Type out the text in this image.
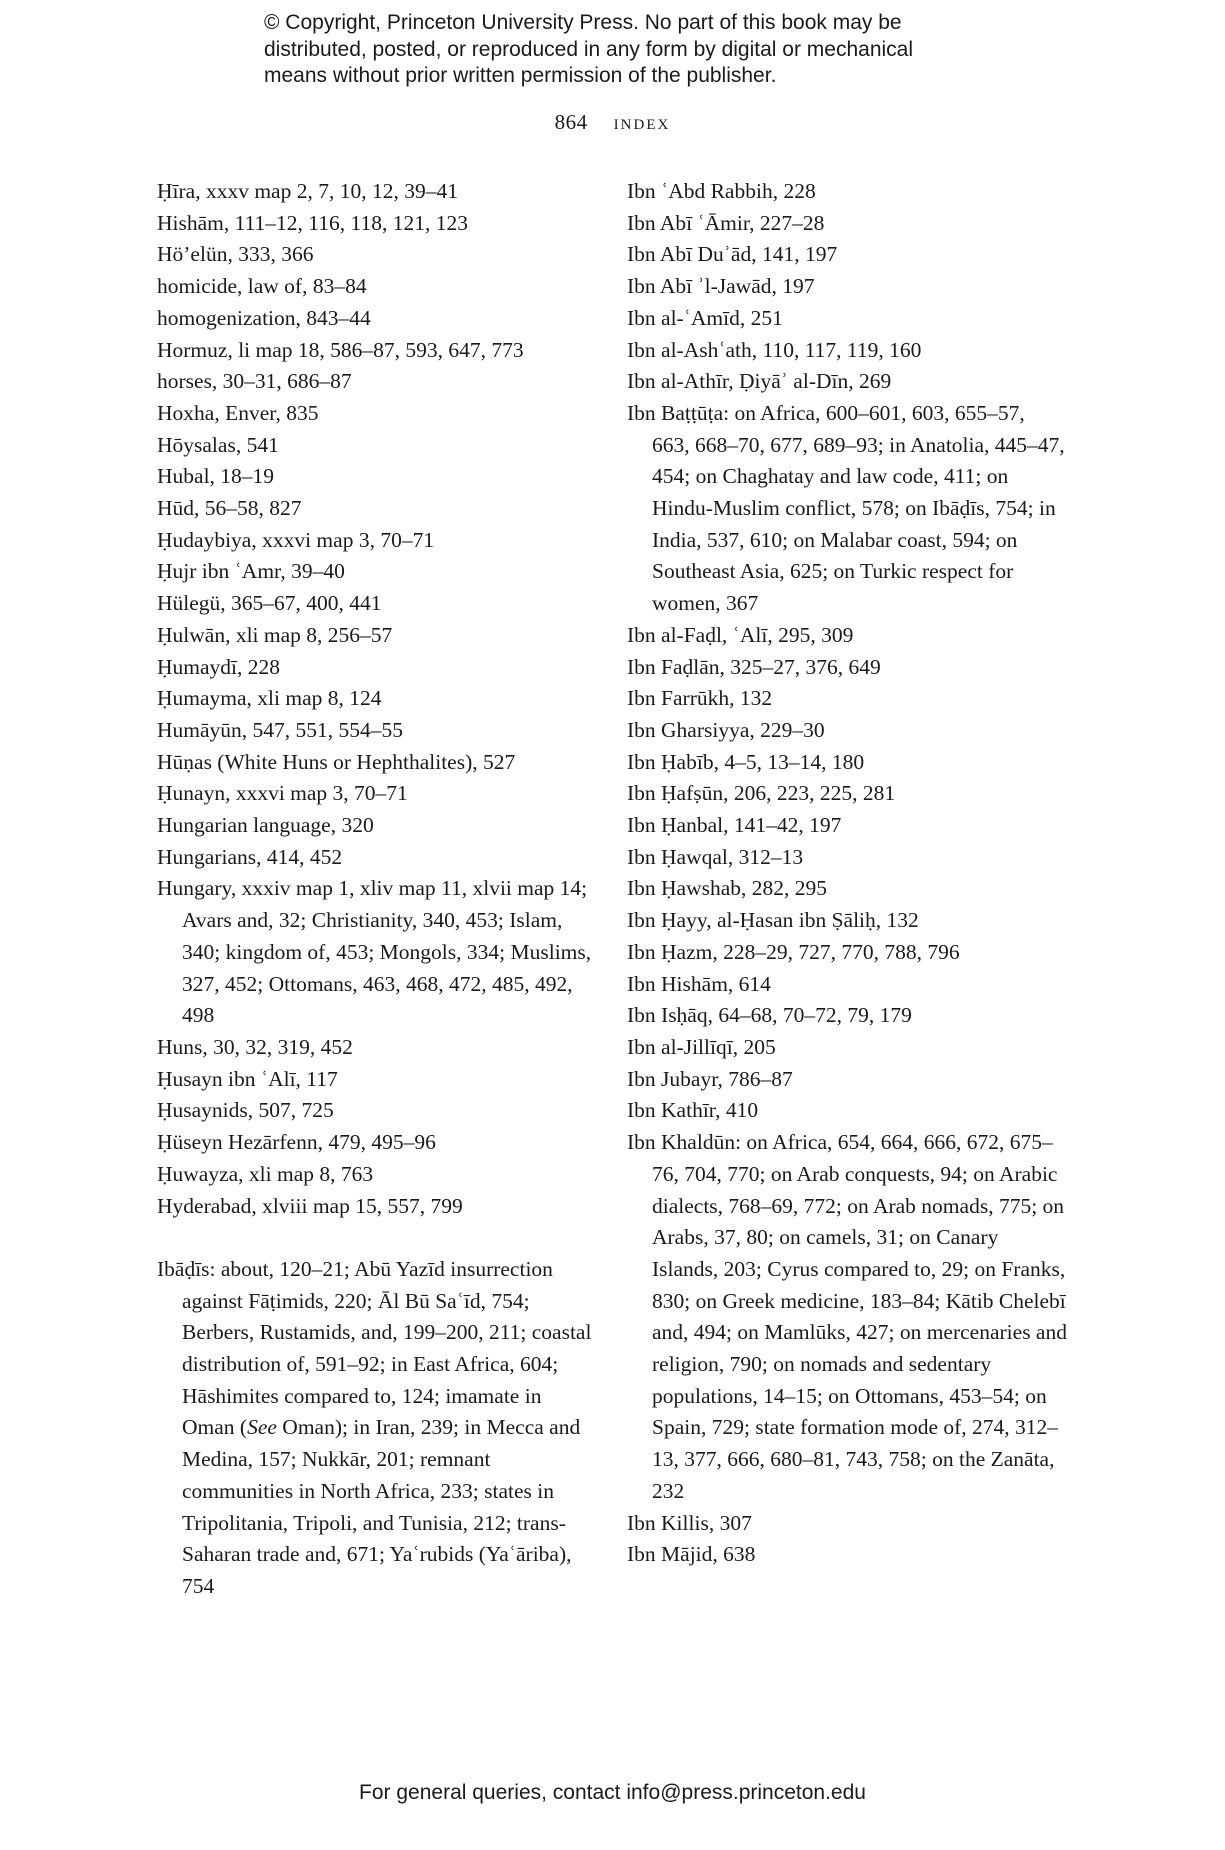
© Copyright, Princeton University Press. No part of this book may be
distributed, posted, or reproduced in any form by digital or mechanical
means without prior written permission of the publisher.
864 index
Ḥīra, xxxv map 2, 7, 10, 12, 39–41
Hishām, 111–12, 116, 118, 121, 123
Hö’elün, 333, 366
homicide, law of, 83–84
homogenization, 843–44
Hormuz, li map 18, 586–87, 593, 647, 773
horses, 30–31, 686–87
Hoxha, Enver, 835
Hōysalas, 541
Hubal, 18–19
Hūd, 56–58, 827
Ḥudaybiya, xxxvi map 3, 70–71
Ḥujr ibn ʿAmr, 39–40
Hülegü, 365–67, 400, 441
Ḥulwān, xli map 8, 256–57
Ḥumaydī, 228
Ḥumayma, xli map 8, 124
Humāyūn, 547, 551, 554–55
Hūṇas (White Huns or Hephthalites), 527
Ḥunayn, xxxvi map 3, 70–71
Hungarian language, 320
Hungarians, 414, 452
Hungary, xxxiv map 1, xliv map 11, xlvii map 14; Avars and, 32; Christianity, 340, 453; Islam, 340; kingdom of, 453; Mongols, 334; Muslims, 327, 452; Ottomans, 463, 468, 472, 485, 492, 498
Huns, 30, 32, 319, 452
Ḥusayn ibn ʿAlī, 117
Ḥusaynids, 507, 725
Ḥüseyn Hezārfenn, 479, 495–96
Ḥuwayza, xli map 8, 763
Hyderabad, xlviii map 15, 557, 799
Ibāḍīs: about, 120–21; Abū Yazīd insurrection against Fāṭimids, 220; Āl Bū Saʿīd, 754; Berbers, Rustamids, and, 199–200, 211; coastal distribution of, 591–92; in East Africa, 604; Hāshimites compared to, 124; imamate in Oman (See Oman); in Iran, 239; in Mecca and Medina, 157; Nukkār, 201; remnant communities in North Africa, 233; states in Tripolitania, Tripoli, and Tunisia, 212; trans-Saharan trade and, 671; Yaʿrubids (Yaʿāriba), 754
Ibn ʿAbd Rabbih, 228
Ibn Abī ʿĀmir, 227–28
Ibn Abī Duʾād, 141, 197
Ibn Abī ʾl-Jawād, 197
Ibn al-ʿAmīd, 251
Ibn al-Ashʿath, 110, 117, 119, 160
Ibn al-Athīr, Ḍiyāʾ al-Dīn, 269
Ibn Baṭṭūṭa: on Africa, 600–601, 603, 655–57, 663, 668–70, 677, 689–93; in Anatolia, 445–47, 454; on Chaghatay and law code, 411; on Hindu-Muslim conflict, 578; on Ibāḍīs, 754; in India, 537, 610; on Malabar coast, 594; on Southeast Asia, 625; on Turkic respect for women, 367
Ibn al-Faḍl, ʿAlī, 295, 309
Ibn Faḍlān, 325–27, 376, 649
Ibn Farrūkh, 132
Ibn Gharsiyya, 229–30
Ibn Ḥabīb, 4–5, 13–14, 180
Ibn Ḥafṣūn, 206, 223, 225, 281
Ibn Ḥanbal, 141–42, 197
Ibn Ḥawqal, 312–13
Ibn Ḥawshab, 282, 295
Ibn Ḥayy, al-Ḥasan ibn Ṣāliḥ, 132
Ibn Ḥazm, 228–29, 727, 770, 788, 796
Ibn Hishām, 614
Ibn Isḥāq, 64–68, 70–72, 79, 179
Ibn al-Jillīqī, 205
Ibn Jubayr, 786–87
Ibn Kathīr, 410
Ibn Khaldūn: on Africa, 654, 664, 666, 672, 675–76, 704, 770; on Arab conquests, 94; on Arabic dialects, 768–69, 772; on Arab nomads, 775; on Arabs, 37, 80; on camels, 31; on Canary Islands, 203; Cyrus compared to, 29; on Franks, 830; on Greek medicine, 183–84; Kātib Chelebī and, 494; on Mamlūks, 427; on mercenaries and religion, 790; on nomads and sedentary populations, 14–15; on Ottomans, 453–54; on Spain, 729; state formation mode of, 274, 312–13, 377, 666, 680–81, 743, 758; on the Zanāta, 232
Ibn Killis, 307
Ibn Mājid, 638
For general queries, contact info@press.princeton.edu
